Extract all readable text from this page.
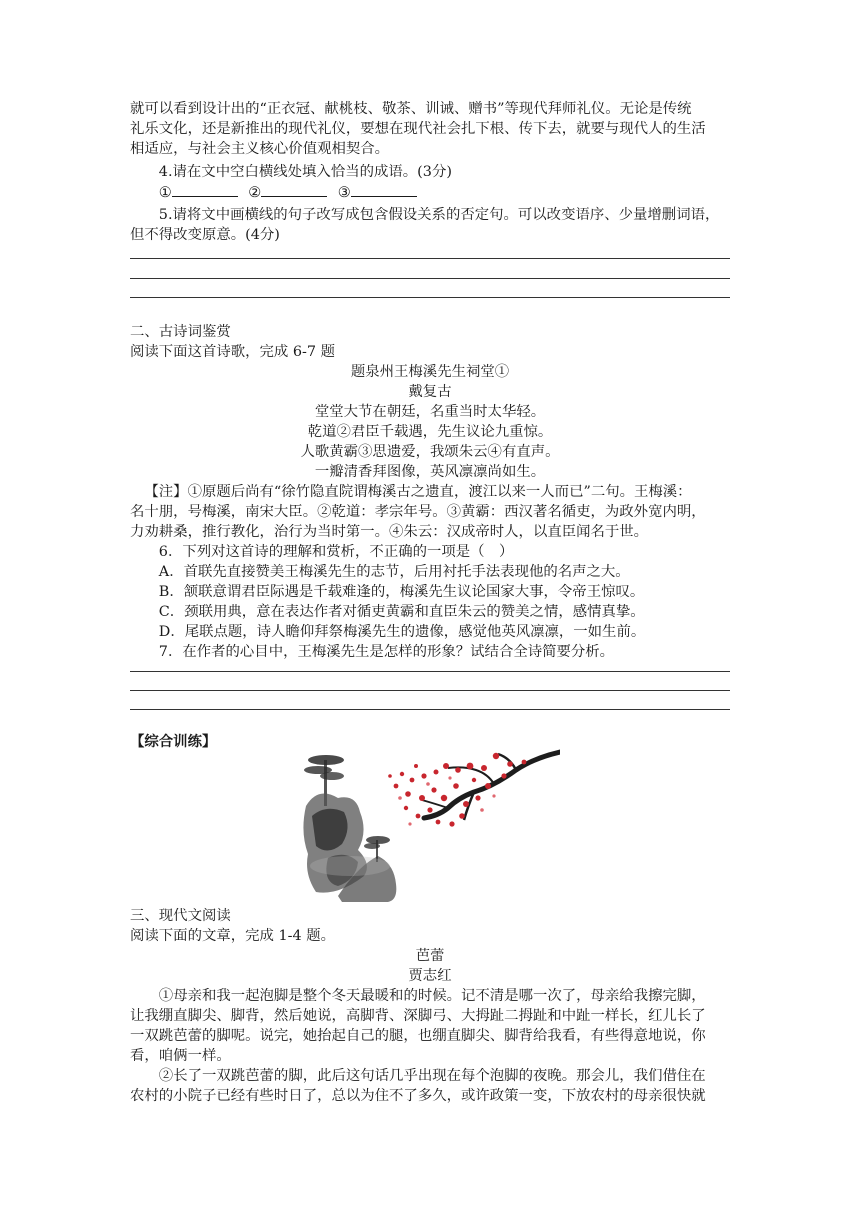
就可以看到设计出的“正衣冠、献桃枝、敬茶、训诫、赠书”等现代拜师礼仪。无论是传统

礼乐文化，还是新推出的现代礼仪，要想在现代社会扎下根、传下去，就要与现代人的生活

相适应，与社会主义核心价值观相契合。

4.请在文中空白横线处填入恰当的成语。(3分)

①	②	③

5.请将文中画横线的句子改写成包含假设关系的否定句。可以改变语序、少量增删词语，

但不得改变原意。(4分)

二、古诗词鉴赏

阅读下面这首诗歌，完成 6-7 题

题泉州王梅溪先生祠堂①

戴复古

堂堂大节在朝廷，名重当时太华轻。

乾道②君臣千载遇，先生议论九重惊。

人歌黄霸③思遗爱，我颂朱云④有直声。

一瓣清香拜图像，英风凛凛尚如生。

【注】①原题后尚有“徐竹隐直院谓梅溪古之遗直，渡江以来一人而已”二句。王梅溪：

名十朋，号梅溪，南宋大臣。②乾道：孝宗年号。③黄霸：西汉著名循吏，为政外宽内明，

力劝耕桑，推行教化，治行为当时第一。④朱云：汉成帝时人，以直臣闻名于世。

6．下列对这首诗的理解和赏析，不正确的一项是（　）

A．首联先直接赞美王梅溪先生的志节，后用衬托手法表现他的名声之大。

B．颔联意谓君臣际遇是千载难逢的，梅溪先生议论国家大事，令帝王惊叹。

C．颈联用典，意在表达作者对循吏黄霸和直臣朱云的赞美之情，感情真挚。

D．尾联点题，诗人瞻仰拜祭梅溪先生的遗像，感觉他英风凛凛，一如生前。

7．在作者的心目中，王梅溪先生是怎样的形象？试结合全诗简要分析。

【综合训练】

三、现代文阅读

阅读下面的文章，完成 1-4 题。

芭蕾

贾志红

①母亲和我一起泡脚是整个冬天最暖和的时候。记不清是哪一次了，母亲给我擦完脚，

让我绷直脚尖、脚背，然后她说，高脚背、深脚弓、大拇趾二拇趾和中趾一样长，红儿长了

一双跳芭蕾的脚呢。说完，她抬起自己的腿，也绷直脚尖、脚背给我看，有些得意地说，你

看，咱俩一样。

②长了一双跳芭蕾的脚，此后这句话几乎出现在每个泡脚的夜晚。那会儿，我们借住在

农村的小院子已经有些时日了，总以为住不了多久，或许政策一变，下放农村的母亲很快就
